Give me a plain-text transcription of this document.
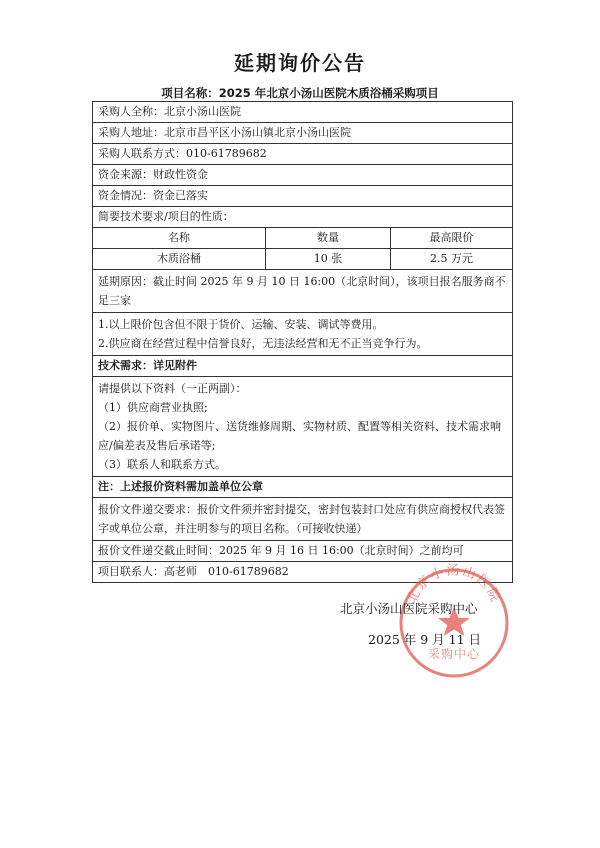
延期询价公告
项目名称：2025 年北京小汤山医院木质浴桶采购项目
采购人全称：北京小汤山医院		
采购人地址：北京市昌平区小汤山镇北京小汤山医院		
采购人联系方式：010-61789682		
资金来源：财政性资金		
资金情况：资金已落实		
简要技术要求/项目的性质：		
名称	数量	最高限价
木质浴桶	10 张	2.5 万元
延期原因：截止时间 2025 年 9 月 10 日 16:00（北京时间），该项目报名服务商不足三家		

1.以上限价包含但不限于货价、运输、安装、调试等费用。
2.供应商在经营过程中信誉良好，无违法经营和无不正当竞争行为。		

技术需求：详见附件		

请提供以下资料（一正两副）：
（1）供应商营业执照;
（2）报价单、实物图片、送货维修周期、实物材质、配置等相关资料、技术需求响应/偏差表及售后承诺等;
（3）联系人和联系方式。		

注：上述报价资料需加盖单位公章		
报价文件递交要求：报价文件须并密封提交，密封包装封口处应有供应商授权代表签字或单位公章，并注明参与的项目名称。（可接收快递）		
报价文件递交截止时间：2025 年 9 月 16 日 16:00（北京时间）之前均可		
项目联系人：高老师　010-61789682		
北京小汤山医院
采购中心
北京小汤山医院采购中心
2025 年 9 月 11 日
